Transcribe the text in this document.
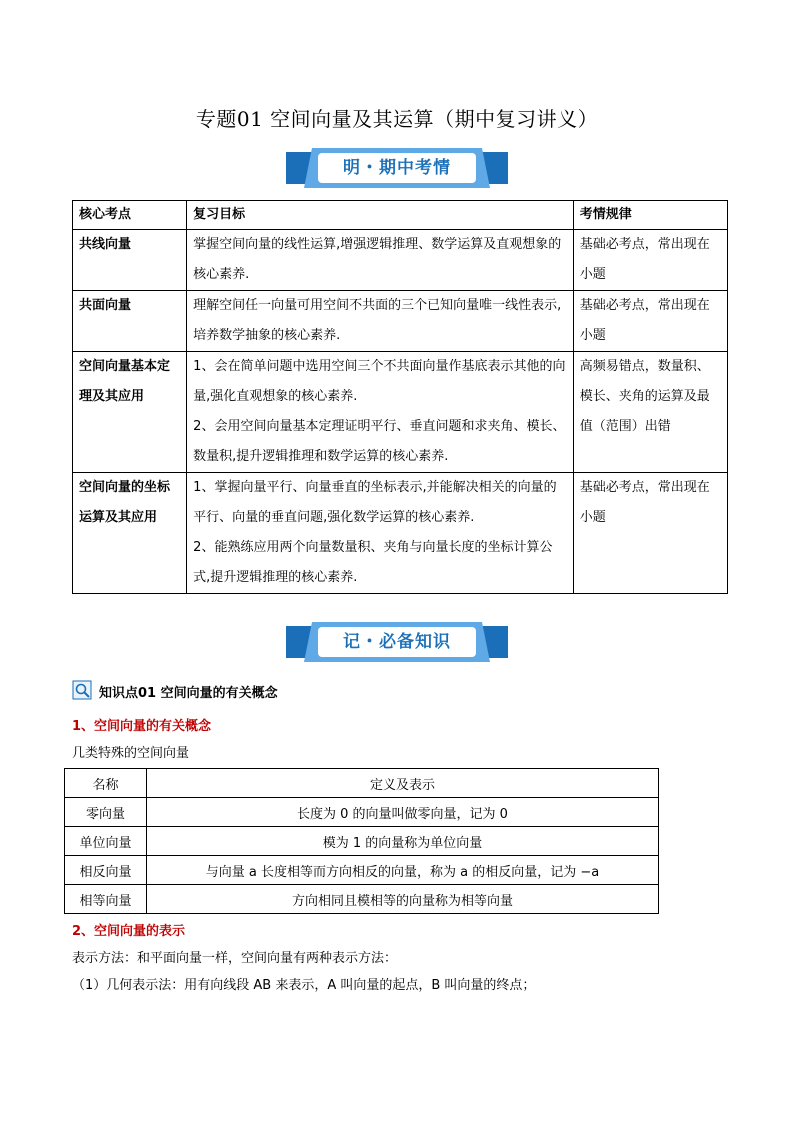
专题01 空间向量及其运算（期中复习讲义）
明・期中考情
核心考点	复习目标	考情规律
共线向量	掌握空间向量的线性运算,增强逻辑推理、数学运算及直观想象的核心素养.	基础必考点，常出现在小题
共面向量	理解空间任一向量可用空间不共面的三个已知向量唯一线性表示,培养数学抽象的核心素养.	基础必考点，常出现在小题
空间向量基本定理及其应用	1、会在简单问题中选用空间三个不共面向量作基底表示其他的向量,强化直观想象的核心素养.
2、会用空间向量基本定理证明平行、垂直问题和求夹角、模长、数量积,提升逻辑推理和数学运算的核心素养.	高频易错点，数量积、模长、夹角的运算及最值（范围）出错
空间向量的坐标运算及其应用	1、掌握向量平行、向量垂直的坐标表示,并能解决相关的向量的平行、向量的垂直问题,强化数学运算的核心素养.
2、能熟练应用两个向量数量积、夹角与向量长度的坐标计算公式,提升逻辑推理的核心素养.	基础必考点，常出现在小题
记・必备知识
知识点01 空间向量的有关概念
1、空间向量的有关概念
几类特殊的空间向量
名称	定义及表示
零向量	长度为 0 的向量叫做零向量，记为 0
单位向量	模为 1 的向量称为单位向量
相反向量	与向量 a 长度相等而方向相反的向量，称为 a 的相反向量，记为 −a
相等向量	方向相同且模相等的向量称为相等向量
2、空间向量的表示
表示方法：和平面向量一样，空间向量有两种表示方法：
（1）几何表示法：用有向线段 AB 来表示，A 叫向量的起点，B 叫向量的终点；
